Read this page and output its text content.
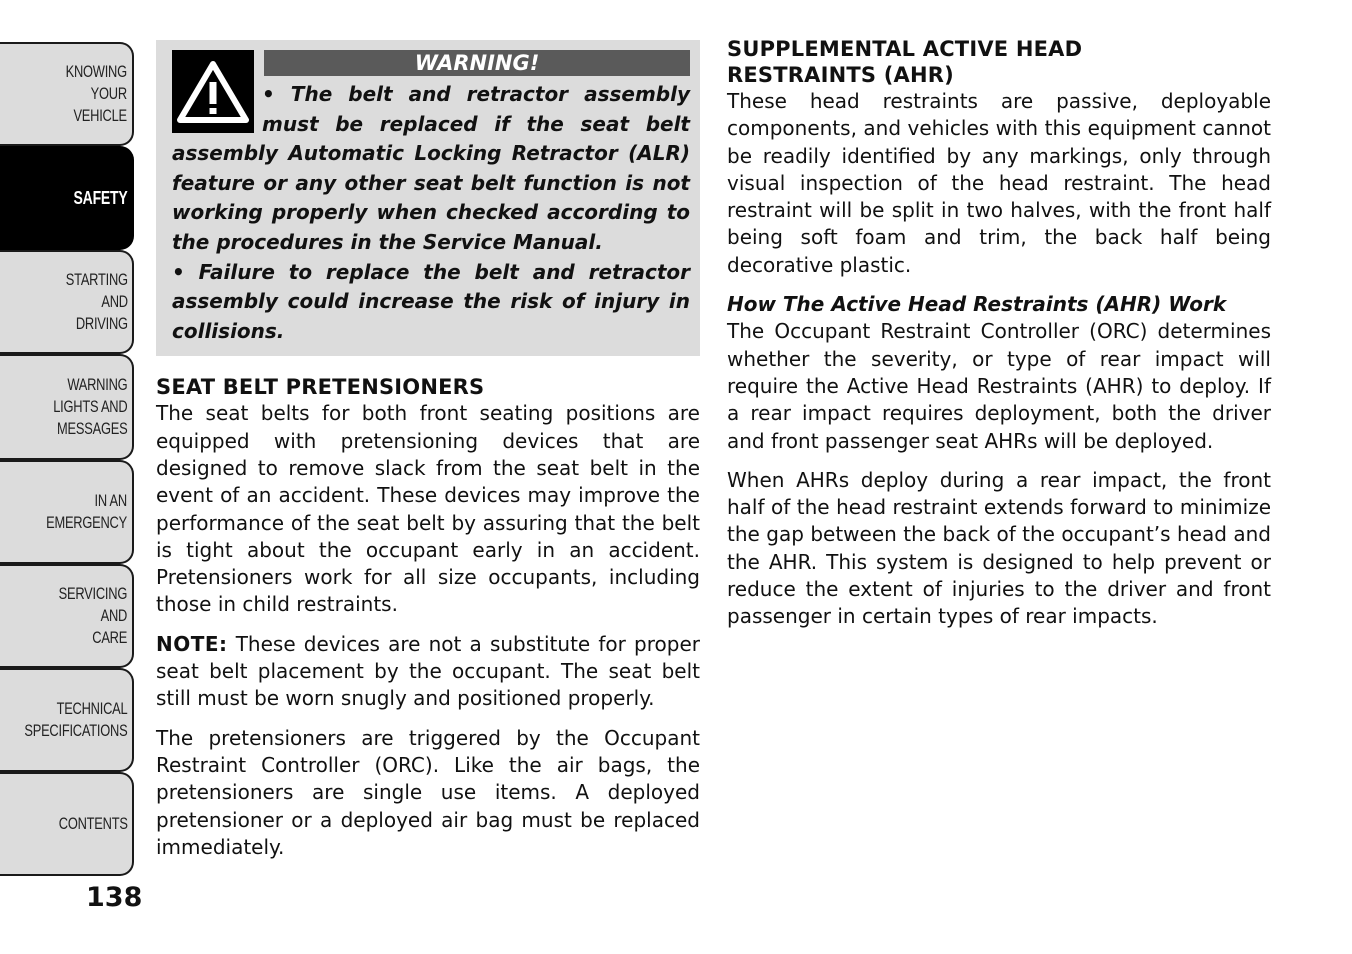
KNOWING
YOUR
VEHICLE
SAFETY
STARTING
AND
DRIVING
WARNING
LIGHTS AND
MESSAGES
IN AN
EMERGENCY
SERVICING
AND
CARE
TECHNICAL
SPECIFICATIONS
CONTENTS
138
WARNING!

• The belt and retractor assembly must be replaced if the seat belt assembly Automatic Locking Retractor (ALR) feature or any other seat belt function is not working properly when checked according to the procedures in the Service Manual.

• Failure to replace the belt and retractor assembly could increase the risk of injury in collisions.

SEAT BELT PRETENSIONERS

The seat belts for both front seating positions are equipped with pretensioning devices that are designed to remove slack from the seat belt in the event of an accident. These devices may improve the performance of the seat belt by assuring that the belt is tight about the occupant early in an accident. Pretensioners work for all size occupants, including those in child restraints.

NOTE: These devices are not a substitute for proper seat belt placement by the occupant. The seat belt still must be worn snugly and positioned properly.

The pretensioners are triggered by the Occupant Restraint Controller (ORC). Like the air bags, the pretensioners are single use items. A deployed pretensioner or a deployed air bag must be replaced immediately.

SUPPLEMENTAL ACTIVE HEAD RESTRAINTS (AHR)

These head restraints are passive, deployable components, and vehicles with this equipment cannot be readily identified by any markings, only through visual inspection of the head restraint. The head restraint will be split in two halves, with the front half being soft foam and trim, the back half being decorative plastic.

How The Active Head Restraints (AHR) Work

The Occupant Restraint Controller (ORC) determines whether the severity, or type of rear impact will require the Active Head Restraints (AHR) to deploy. If a rear impact requires deployment, both the driver and front passenger seat AHRs will be deployed.

When AHRs deploy during a rear impact, the front half of the head restraint extends forward to minimize the gap between the back of the occupant’s head and the AHR. This system is designed to help prevent or reduce the extent of injuries to the driver and front passenger in certain types of rear impacts.
